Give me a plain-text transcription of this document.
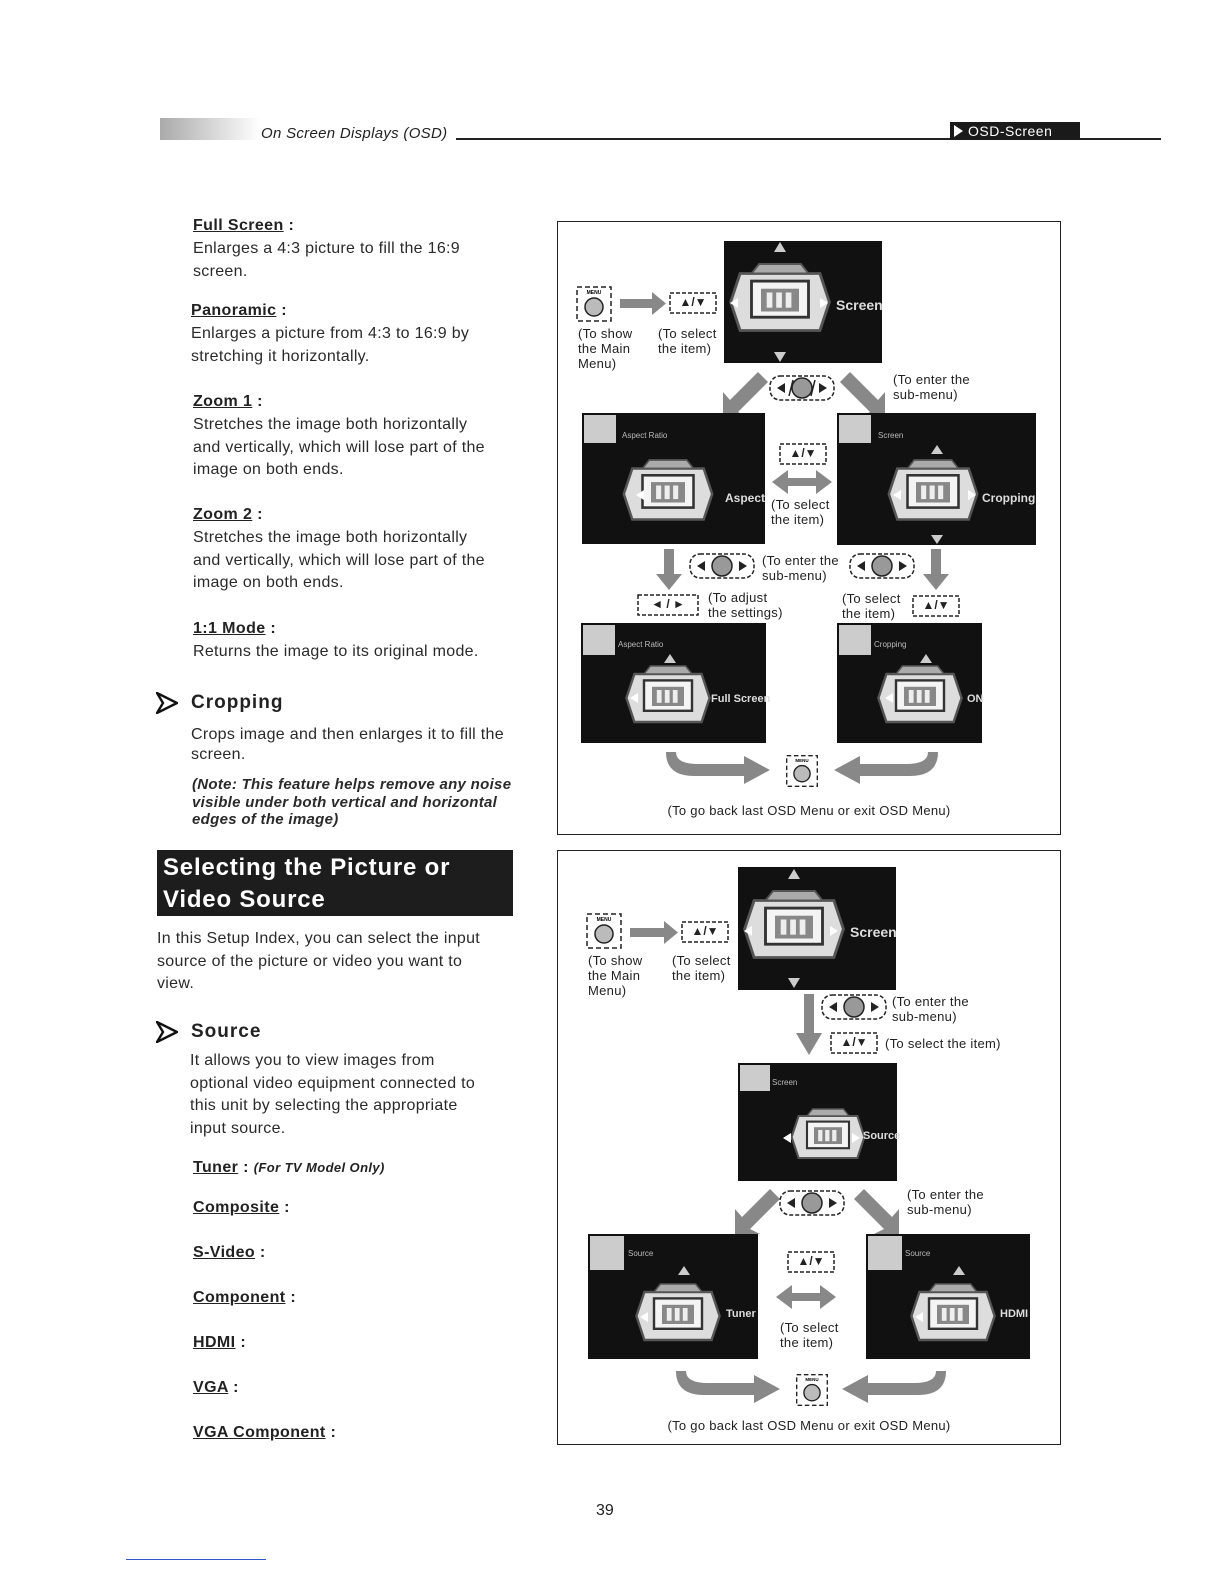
On Screen Displays (OSD)	OSD-Screen
Full Screen :
Enlarges a 4:3 picture to fill the 16:9
screen.
Panoramic :
Enlarges a picture from 4:3 to 16:9 by
stretching it horizontally.
Zoom 1 :
Stretches the image both horizontally
and vertically, which will lose part of the
image on both ends.
Zoom 2 :
Stretches the image both horizontally
and vertically, which will lose part of the
image on both ends.
1:1 Mode :
Returns the image to its original mode.
Cropping
Crops image and then enlarges it to fill the
screen.
(Note: This feature helps remove any noise
visible under both vertical and horizontal
edges of the image)
Selecting the Picture or
Video Source
In this Setup Index, you can select the input
source of the picture or video you want to
view.
Source
It allows you to view images from
optional video equipment connected to
this unit by selecting the appropriate
input source.
Tuner : (For TV Model Only)
Composite :
S-Video :
Component :
HDMI :
VGA :
VGA Component :
(To show
the Main
Menu)
(To select
the item)
▲/▼	Screen
(To enter the
sub-menu)
Aspect Ratio
Aspect
Screen
Cropping
▲/▼
(To select
the item)
(To enter the
sub-menu)
◄ / ►	(To adjust
the settings)
(To select
the item)
▲/▼
Aspect Ratio
Full Screen
Cropping
ON
(To go back last OSD Menu or exit OSD Menu)
(To show
the Main
Menu)
(To select
the item)
▲/▼	Screen
(To enter the
sub-menu)
▲/▼	(To select the item)
Screen
Source
(To enter the
sub-menu)
Source
Tuner
Source
HDMI
▲/▼
(To select
the item)
(To go back last OSD Menu or exit OSD Menu)
39
